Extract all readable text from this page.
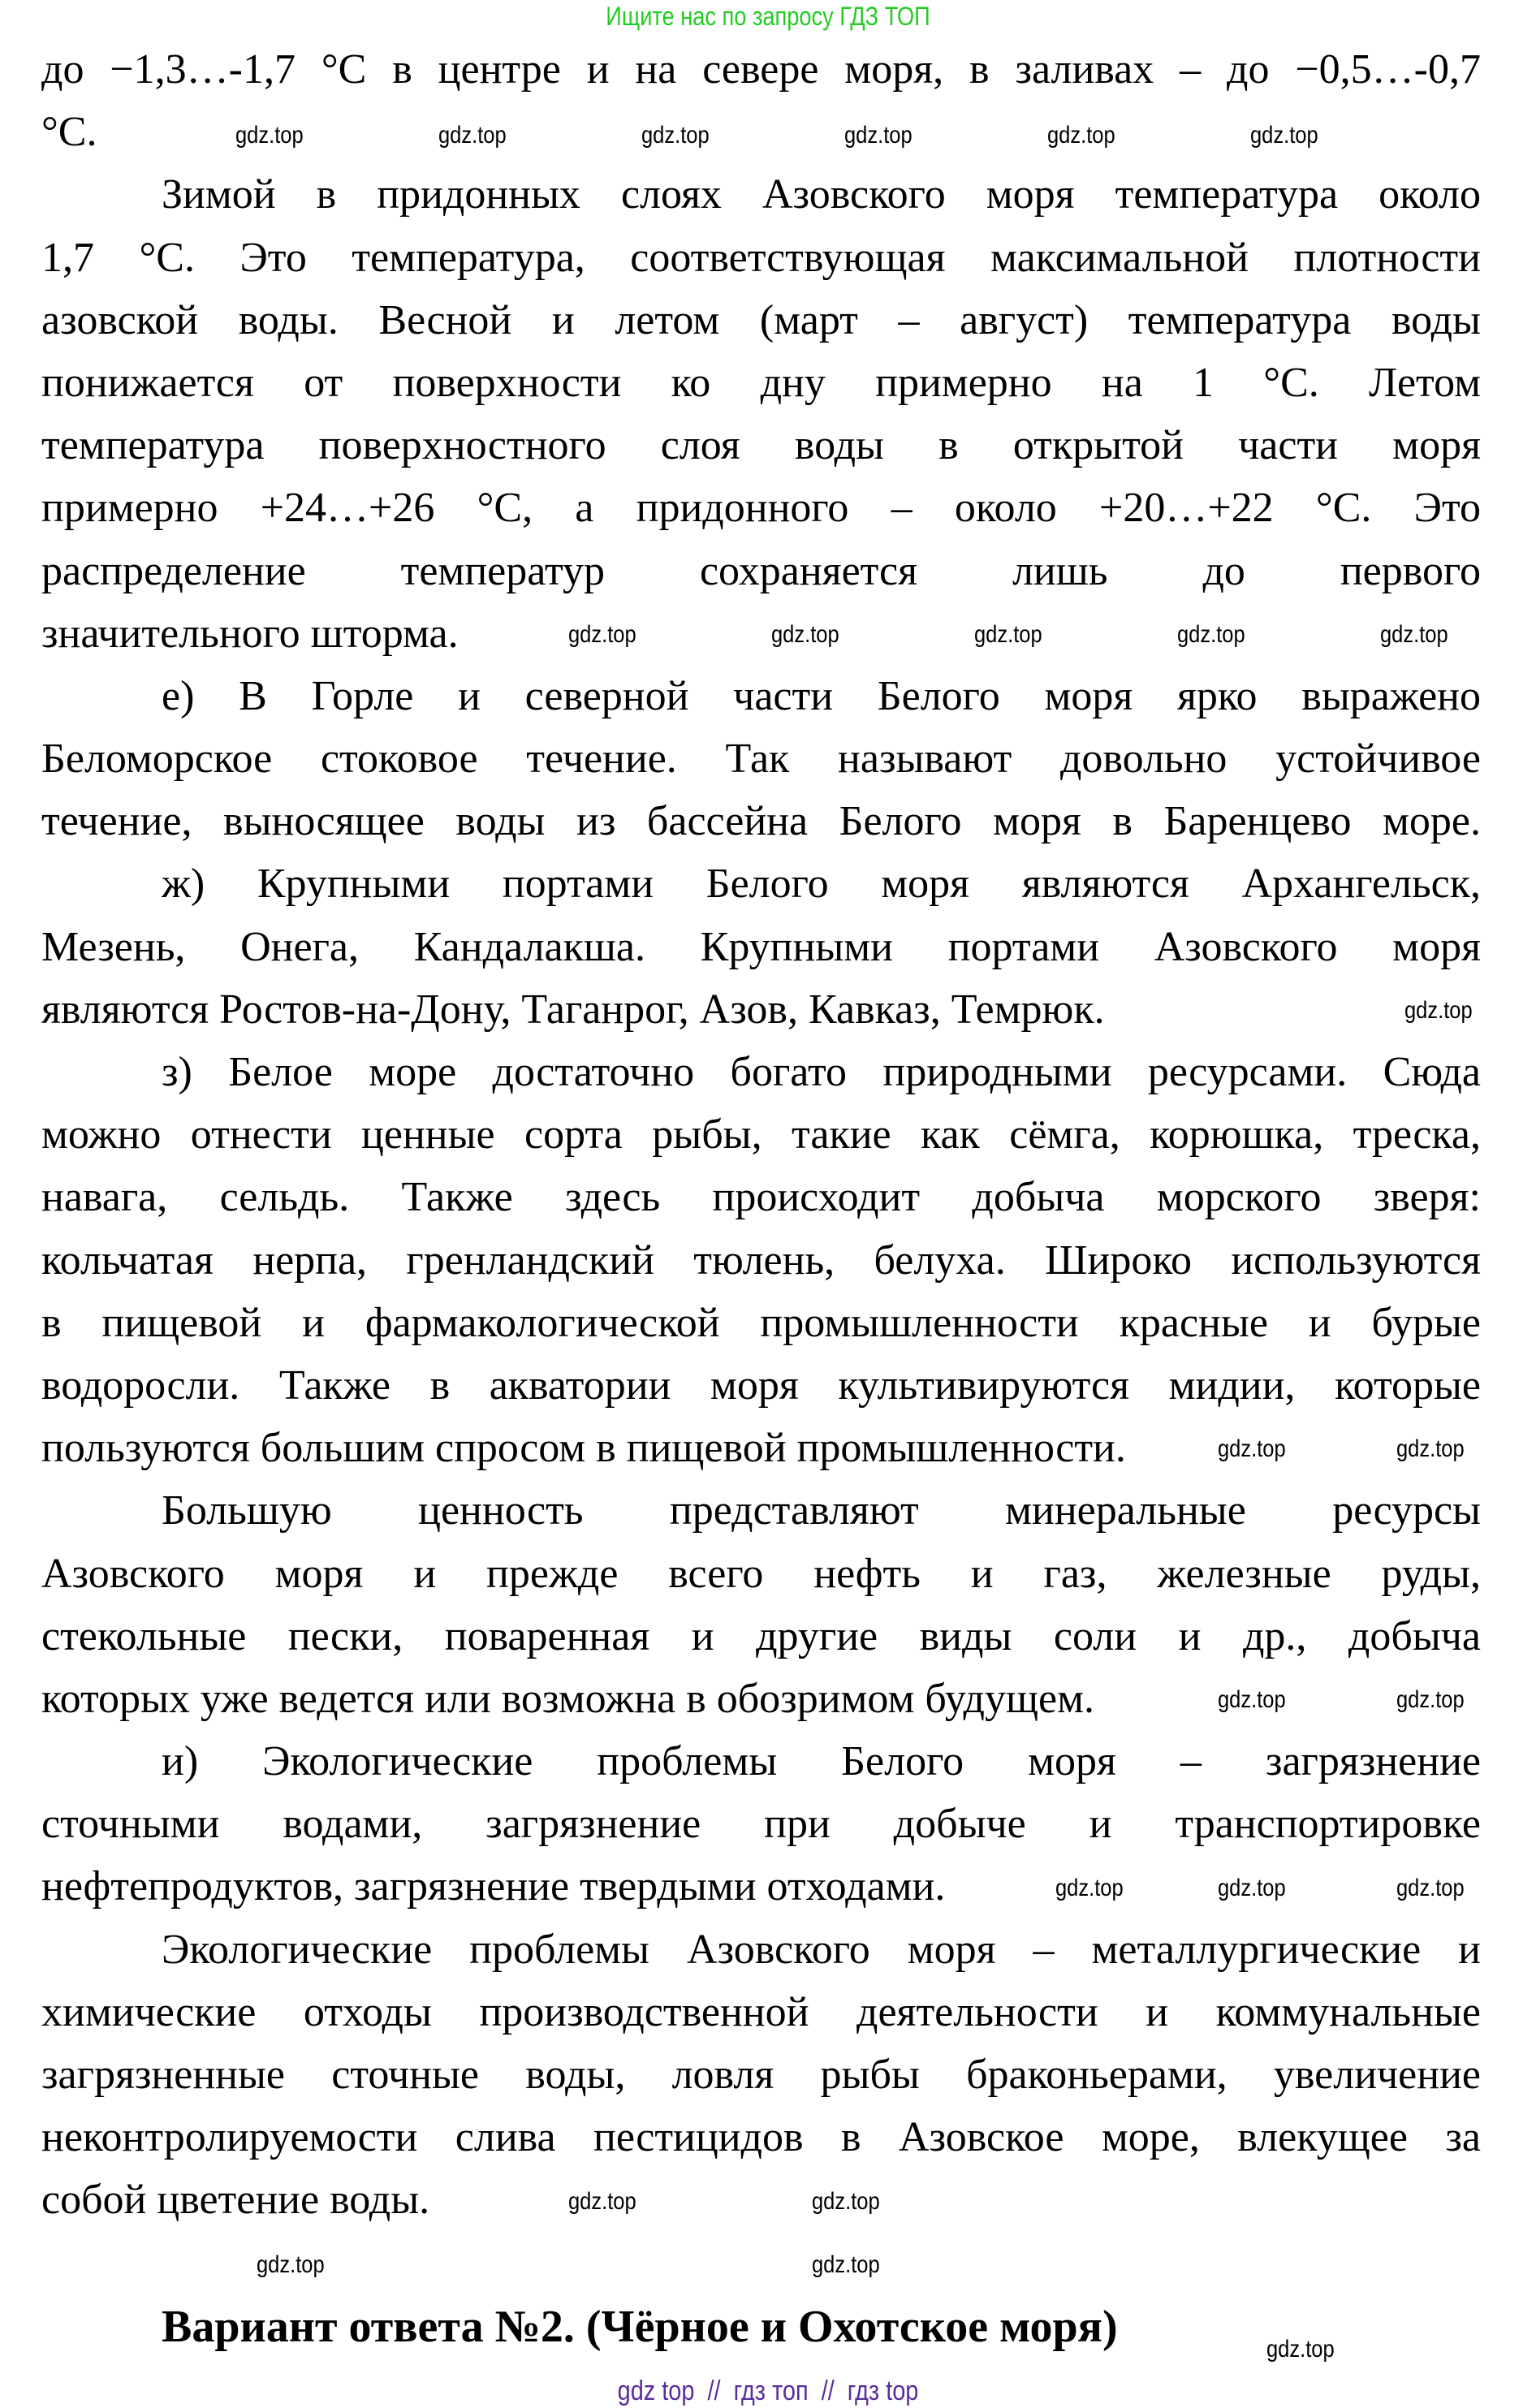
Ищите нас по запросу ГДЗ ТОП
до −1,3…-1,7 °С в центре и на севере моря, в заливах – до −0,5…-0,7
°С.
Зимой в придонных слоях Азовского моря температура около
1,7 °С. Это температура, соответствующая максимальной плотности
азовской воды. Весной и летом (март – август) температура воды
понижается от поверхности ко дну примерно на 1 °С. Летом
температура поверхностного слоя воды в открытой части моря
примерно +24…+26 °С, а придонного – около +20…+22 °С. Это
распределение температур сохраняется лишь до первого
значительного шторма.
е) В Горле и северной части Белого моря ярко выражено
Беломорское стоковое течение. Так называют довольно устойчивое
течение, выносящее воды из бассейна Белого моря в Баренцево море.
ж) Крупными портами Белого моря являются Архангельск,
Мезень, Онега, Кандалакша. Крупными портами Азовского моря
являются Ростов-на-Дону, Таганрог, Азов, Кавказ, Темрюк.
з) Белое море достаточно богато природными ресурсами. Сюда
можно отнести ценные сорта рыбы, такие как сёмга, корюшка, треска,
навага, сельдь. Также здесь происходит добыча морского зверя:
кольчатая нерпа, гренландский тюлень, белуха. Широко используются
в пищевой и фармакологической промышленности красные и бурые
водоросли. Также в акватории моря культивируются мидии, которые
пользуются большим спросом в пищевой промышленности.
Большую ценность представляют минеральные ресурсы
Азовского моря и прежде всего нефть и газ, железные руды,
стекольные пески, поваренная и другие виды соли и др., добыча
которых уже ведется или возможна в обозримом будущем.
и) Экологические проблемы Белого моря – загрязнение
сточными водами, загрязнение при добыче и транспортировке
нефтепродуктов, загрязнение твердыми отходами.
Экологические проблемы Азовского моря – металлургические и
химические отходы производственной деятельности и коммунальные
загрязненные сточные воды, ловля рыбы браконьерами, увеличение
неконтролируемости слива пестицидов в Азовское море, влекущее за
собой цветение воды.
gdz.top	gdz.top	gdz.top	gdz.top	gdz.top	gdz.top
gdz.top	gdz.top	gdz.top	gdz.top	gdz.top
gdz.top
gdz.top	gdz.top
gdz.top	gdz.top
gdz.top	gdz.top	gdz.top
gdz.top	gdz.top
gdz.top	gdz.top
gdz.top
Вариант ответа №2. (Чёрное и Охотское моря)
gdz top  //  гдз топ  //  гдз top
